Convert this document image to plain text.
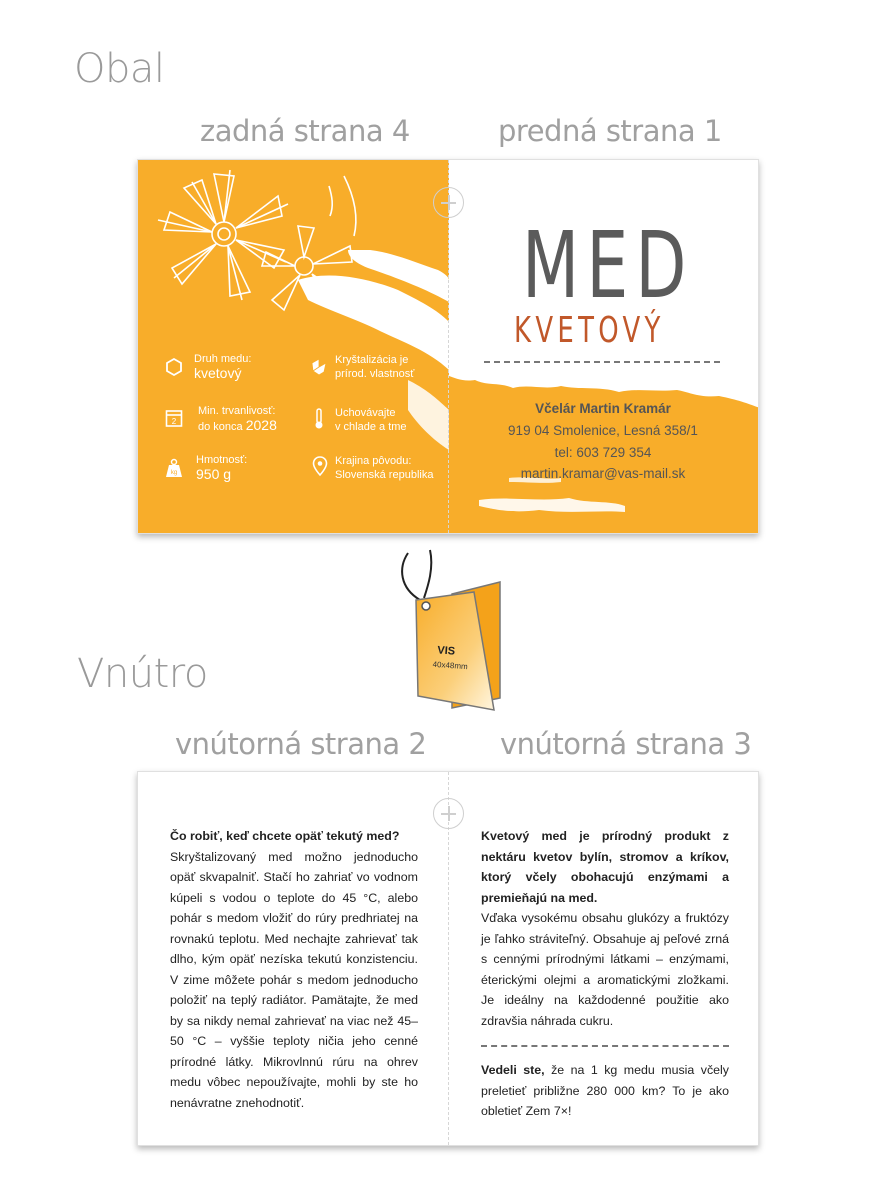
Obal
zadná strana 4	predná strana 1
Druh medu:
kvetový
2
Min. trvanlivosť:
do konca 2028
kg
Hmotnosť:
950 g
Kryštalizácia je
prírod. vlastnosť
Uchovávajte
v chlade a tme
Krajina pôvodu:
Slovenská republika
MED
KVETOVÝ
Včelár Martin Kramár
919 04 Smolenice, Lesná 358/1
tel: 603 729 354
martin.kramar@vas-mail.sk
VIS
40x48mm
Vnútro
vnútorná strana 2	vnútorná strana 3
Čo robiť, keď chcete opäť tekutý med?
Skryštalizovaný med možno jednoducho opäť skvapalniť. Stačí ho zahriať vo vodnom kúpeli s vodou o teplote do 45 °C, alebo pohár s medom vložiť do rúry predhriatej na rovnakú teplotu. Med nechajte zahrievať tak dlho, kým opäť nezíska tekutú konzistenciu. V zime môžete pohár s medom jednoducho položiť na teplý radiátor. Pamätajte, že med by sa nikdy nemal zahrievať na viac než 45–50 °C – vyššie teploty ničia jeho cenné prírodné látky. Mikrovlnnú rúru na ohrev medu vôbec nepoužívajte, mohli by ste ho nenávratne znehodnotiť.
Kvetový med je prírodný produkt z nektáru kvetov bylín, stromov a kríkov, ktorý včely obohacujú enzýmami a premieňajú na med.
Vďaka vysokému obsahu glukózy a fruktózy je ľahko stráviteľný. Obsahuje aj peľové zrná s cennými prírodnými látkami – enzýmami, éterickými olejmi a aromatickými zložkami. Je ideálny na každodenné použitie ako zdravšia náhrada cukru.
Vedeli ste, že na 1 kg medu musia včely preletieť približne 280 000 km? To je ako obletieť Zem 7×!
